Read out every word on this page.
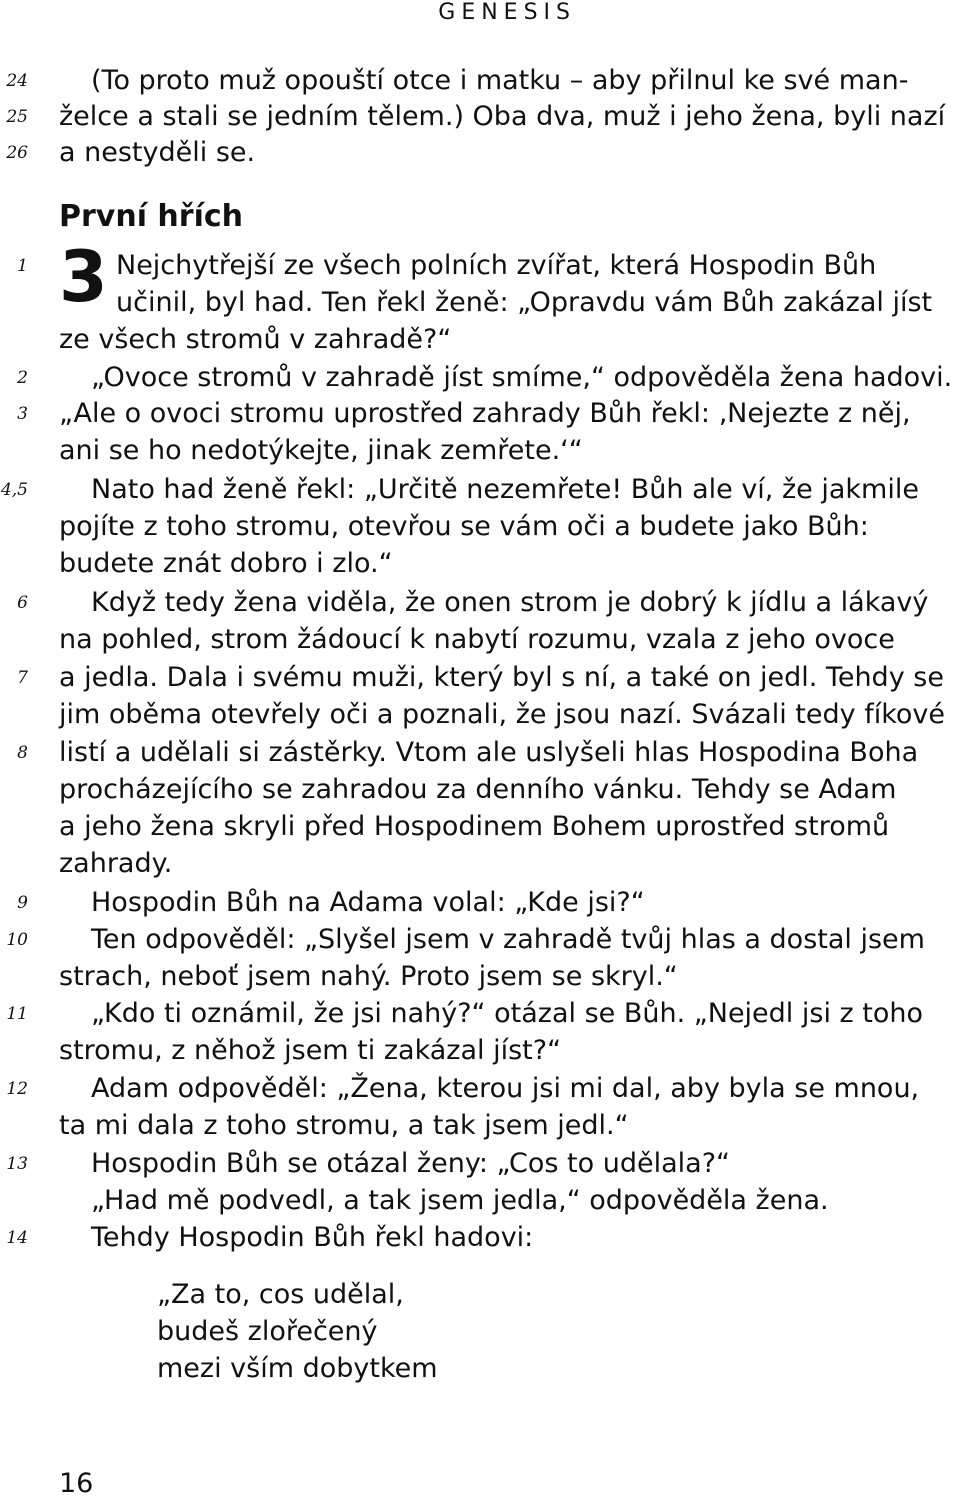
GENESIS
24
25
26
1
2
3
4,5
6
7
8
9
10
11
12
13
14
(To proto muž opouští otce i matku – aby přilnul ke své man-
želce a stali se jedním tělem.) Oba dva, muž i jeho žena, byli nazí
a nestyděli se.
První hřích
3 Nejchytřejší ze všech polních zvířat, která Hospodin Bůh
učinil, byl had. Ten řekl ženě: „Opravdu vám Bůh zakázal jíst
ze všech stromů v zahradě?“
„Ovoce stromů v zahradě jíst smíme,“ odpověděla žena hadovi.
„Ale o ovoci stromu uprostřed zahrady Bůh řekl: ‚Nejezte z něj,
ani se ho nedotýkejte, jinak zemřete.‘“
Nato had ženě řekl: „Určitě nezemřete! Bůh ale ví, že jakmile
pojíte z toho stromu, otevřou se vám oči a budete jako Bůh:
budete znát dobro i zlo.“
Když tedy žena viděla, že onen strom je dobrý k jídlu a lákavý
na pohled, strom žádoucí k nabytí rozumu, vzala z jeho ovoce
a jedla. Dala i svému muži, který byl s ní, a také on jedl. Tehdy se
jim oběma otevřely oči a poznali, že jsou nazí. Svázali tedy fíkové
listí a udělali si zástěrky. Vtom ale uslyšeli hlas Hospodina Boha
procházejícího se zahradou za denního vánku. Tehdy se Adam
a jeho žena skryli před Hospodinem Bohem uprostřed stromů
zahrady.
Hospodin Bůh na Adama volal: „Kde jsi?“
Ten odpověděl: „Slyšel jsem v zahradě tvůj hlas a dostal jsem
strach, neboť jsem nahý. Proto jsem se skryl.“
„Kdo ti oznámil, že jsi nahý?“ otázal se Bůh. „Nejedl jsi z toho
stromu, z něhož jsem ti zakázal jíst?“
Adam odpověděl: „Žena, kterou jsi mi dal, aby byla se mnou,
ta mi dala z toho stromu, a tak jsem jedl.“
Hospodin Bůh se otázal ženy: „Cos to udělala?“
„Had mě podvedl, a tak jsem jedla,“ odpověděla žena.
Tehdy Hospodin Bůh řekl hadovi:
„Za to, cos udělal,
budeš zlořečený
mezi vším dobytkem
16
